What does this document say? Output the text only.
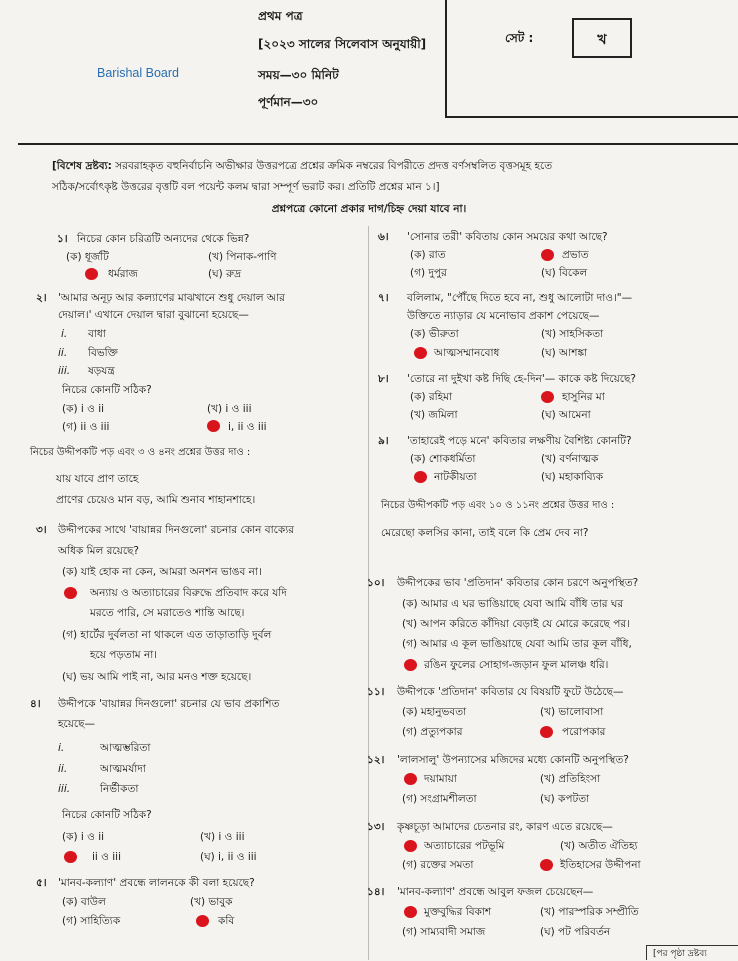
প্রথম পত্র
[২০২৩ সালের সিলেবাস অনুযায়ী]
Barishal Board	সময়—৩০ মিনিট
পূর্ণমান—৩০
সেট :	খ
[বিশেষ দ্রষ্টব্য: সরবরাহকৃত বহুনির্বাচনি অভীক্ষার উত্তরপত্রে প্রশ্নের ক্রমিক নম্বরের বিপরীতে প্রদত্ত বর্ণসম্বলিত বৃত্তসমূহ হতে
সঠিক/সর্বোৎকৃষ্ট উত্তরের বৃত্তটি বল পয়েন্ট কলম দ্বারা সম্পূর্ণ ভরাট কর। প্রতিটি প্রশ্নের মান ১।]
প্রশ্নপত্রে কোনো প্রকার দাগ/চিহ্ন দেয়া যাবে না।
১। নিচের কোন চরিত্রটি অন্যদের থেকে ভিন্ন?
(ক) ধূর্জটি	(খ) পিনাক-পাণি
ধর্মরাজ	(ঘ) রুদ্র
২। 'আমার অনূঢ় আর কল্যাণের মাঝখানে শুধু দেয়াল আর
দেয়াল।' এখানে দেয়াল দ্বারা বুঝানো হয়েছে—
i. বাধা
ii. বিভক্তি
iii. ষড়যন্ত্র
নিচের কোনটি সঠিক?
(ক) i ও ii	(খ) i ও iii
(গ) ii ও iii	i, ii ও iii
নিচের উদ্দীপকটি পড় এবং ৩ ও ৪নং প্রশ্নের উত্তর দাও :
যায় যাবে প্রাণ তাহে
প্রাণের চেয়েও মান বড়, আমি শুনাব শাহানশাহে।
৩। উদ্দীপকের সাথে 'বায়ান্নর দিনগুলো' রচনার কোন বাক্যের
অধিক মিল রয়েছে?
(ক) যাই হোক না কেন, আমরা অনশন ভাঙব না।
অন্যায় ও অত্যাচারের বিরুদ্ধে প্রতিবাদ করে যদি
মরতে পারি, সে মরাতেও শান্তি আছে।
(গ) হার্টের দুর্বলতা না থাকলে এত তাড়াতাড়ি দুর্বল
হয়ে পড়তাম না।
(ঘ) ভয় আমি পাই না, আর মনও শক্ত হয়েছে।
৪। উদ্দীপকে 'বায়ান্নর দিনগুলো' রচনার যে ভাব প্রকাশিত
হয়েছে—
i.	আত্মম্ভরিতা
ii.	আত্মমর্যাদা
iii.	নির্ভীকতা
নিচের কোনটি সঠিক?
(ক) i ও ii	(খ) i ও iii
ii ও iii	(ঘ) i, ii ও iii
৫। 'মানব-কল্যাণ' প্রবন্ধে লালনকে কী বলা হয়েছে?
(ক) বাউল	(খ) ভাবুক
(গ) সাহিত্যিক	কবি
৬। 'সোনার তরী' কবিতায় কোন সময়ের কথা আছে?
(ক) রাত	প্রভাত
(গ) দুপুর	(ঘ) বিকেল
৭। বলিলাম, "পৌঁছে দিতে হবে না, শুধু আলোটা দাও।"—
উক্তিতে ন্যাড়ার যে মনোভাব প্রকাশ পেয়েছে—
(ক) ভীরুতা	(খ) সাহসিকতা
আত্মসম্মানবোধ	(ঘ) আশঙ্কা
৮। 'তোরে না দুইখা কষ্ট দিছি হে-দিন'— কাকে কষ্ট দিয়েছে?
(ক) রহিমা	হাসুনির মা
(খ) জমিলা	(ঘ) আমেনা
৯। 'তাহারেই পড়ে মনে' কবিতার লক্ষণীয় বৈশিষ্ট্য কোনটি?
(ক) শোকধর্মিতা	(খ) বর্ণনাত্মক
নাটকীয়তা	(ঘ) মহাকাব্যিক
নিচের উদ্দীপকটি পড় এবং ১০ ও ১১নং প্রশ্নের উত্তর দাও :
মেরেছো কলসির কানা, তাই বলে কি প্রেম দেব না?
১০। উদ্দীপকের ভাব 'প্রতিদান' কবিতার কোন চরণে অনুপস্থিত?
(ক) আমার এ ঘর ভাঙিয়াছে যেবা আমি বাঁধি তার ঘর
(খ) আপন করিতে কাঁদিয়া বেড়াই যে মোরে করেছে পর।
(গ) আমার এ কূল ভাঙিয়াছে যেবা আমি তার কূল বাঁধি,
রঙিন ফুলের সোহাগ-জড়ান ফুল মালঞ্চ ধরি।
১১। উদ্দীপকে 'প্রতিদান' কবিতার যে বিষয়টি ফুটে উঠেছে—
(ক) মহানুভবতা	(খ) ভালোবাসা
(গ) প্রত্যুপকার	পরোপকার
১২। 'লালসালু' উপন্যাসের মজিদের মধ্যে কোনটি অনুপস্থিত?
দয়ামায়া	(খ) প্রতিহিংসা
(গ) সংগ্রামশীলতা	(ঘ) কপটতা
১৩। কৃষ্ণচূড়া আমাদের চেতনার রং, কারণ এতে রয়েছে—
অত্যাচারের পটভূমি	(খ) অতীত ঐতিহ্য
(গ) রক্তের সমতা	ইতিহাসের উদ্দীপনা
১৪। 'মানব-কল্যাণ' প্রবন্ধে আবুল ফজল চেয়েছেন—
মুক্তবুদ্ধির বিকাশ	(খ) পারস্পরিক সম্প্রীতি
(গ) সাম্যবাদী সমাজ	(ঘ) পট পরিবর্তন
[পর পৃষ্ঠা দ্রষ্টব্য
